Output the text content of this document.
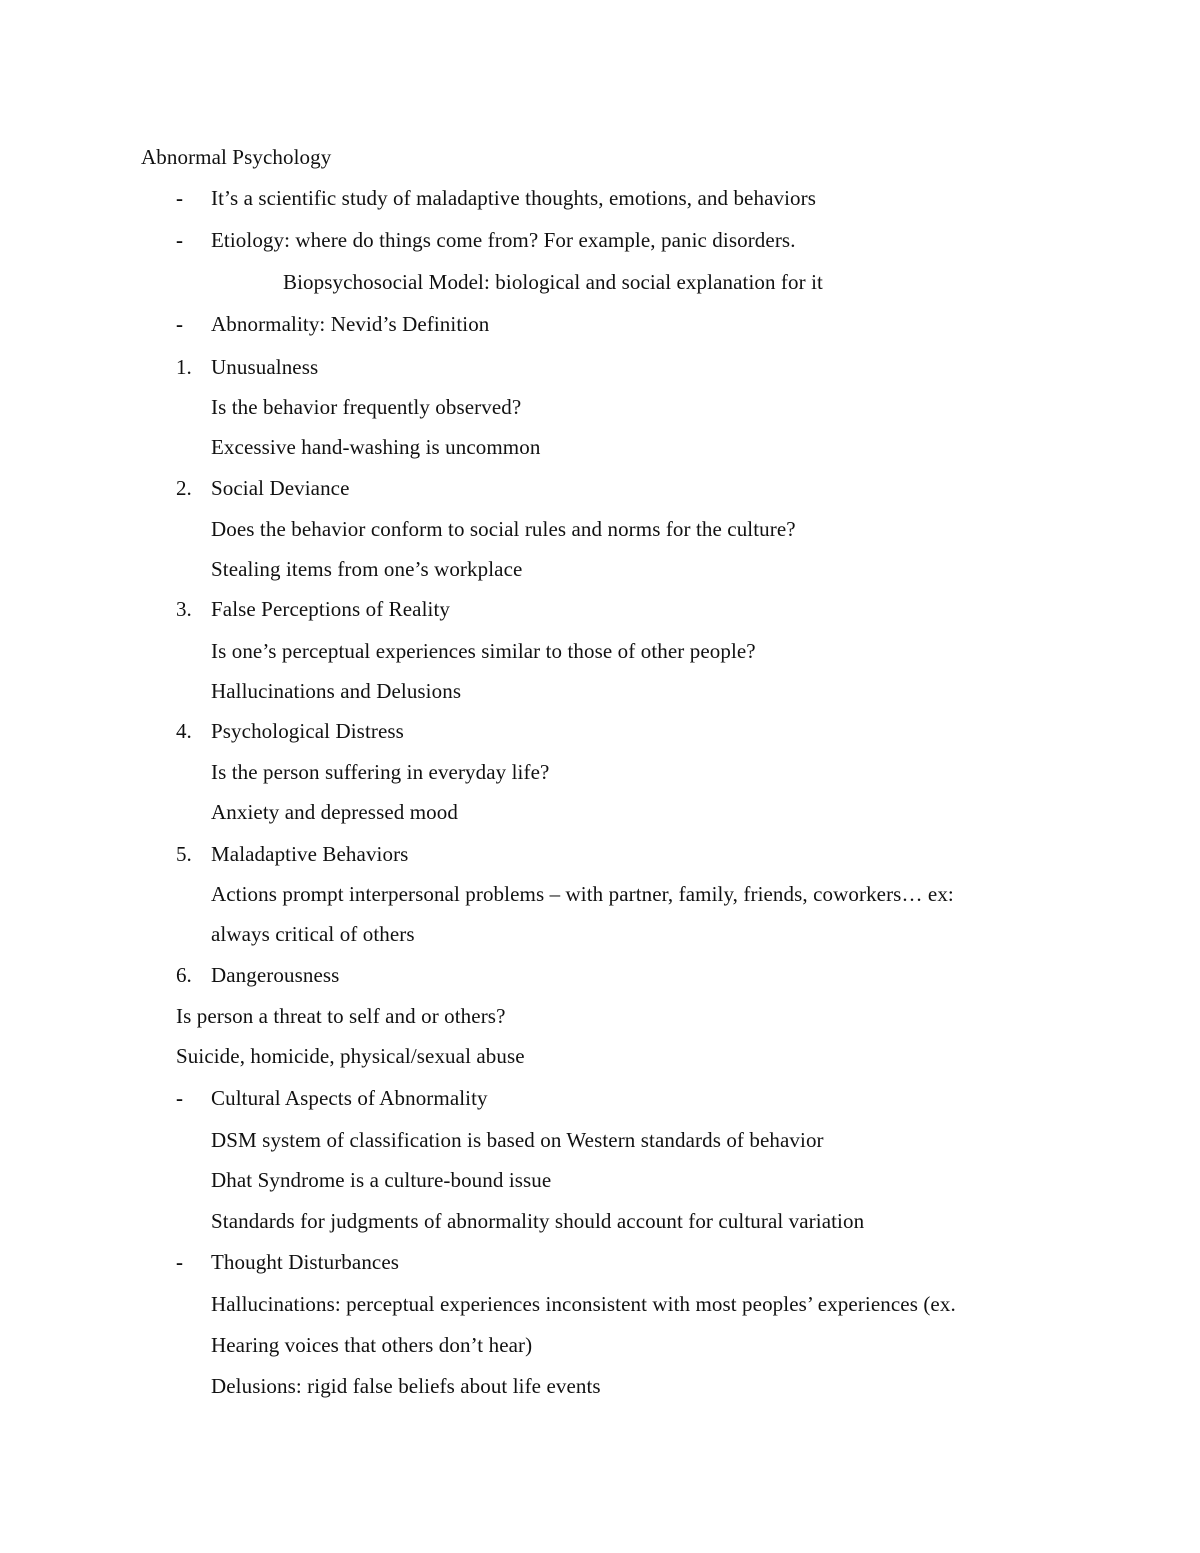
Abnormal Psychology
- It’s a scientific study of maladaptive thoughts, emotions, and behaviors
- Etiology: where do things come from? For example, panic disorders.
Biopsychosocial Model: biological and social explanation for it
- Abnormality: Nevid’s Definition
1. Unusualness
Is the behavior frequently observed?
Excessive hand-washing is uncommon
2. Social Deviance
Does the behavior conform to social rules and norms for the culture?
Stealing items from one’s workplace
3. False Perceptions of Reality
Is one’s perceptual experiences similar to those of other people?
Hallucinations and Delusions
4. Psychological Distress
Is the person suffering in everyday life?
Anxiety and depressed mood
5. Maladaptive Behaviors
Actions prompt interpersonal problems – with partner, family, friends, coworkers… ex:
always critical of others
6. Dangerousness
Is person a threat to self and or others?
Suicide, homicide, physical/sexual abuse
- Cultural Aspects of Abnormality
DSM system of classification is based on Western standards of behavior
Dhat Syndrome is a culture-bound issue
Standards for judgments of abnormality should account for cultural variation
- Thought Disturbances
Hallucinations: perceptual experiences inconsistent with most peoples’ experiences (ex.
Hearing voices that others don’t hear)
Delusions: rigid false beliefs about life events
